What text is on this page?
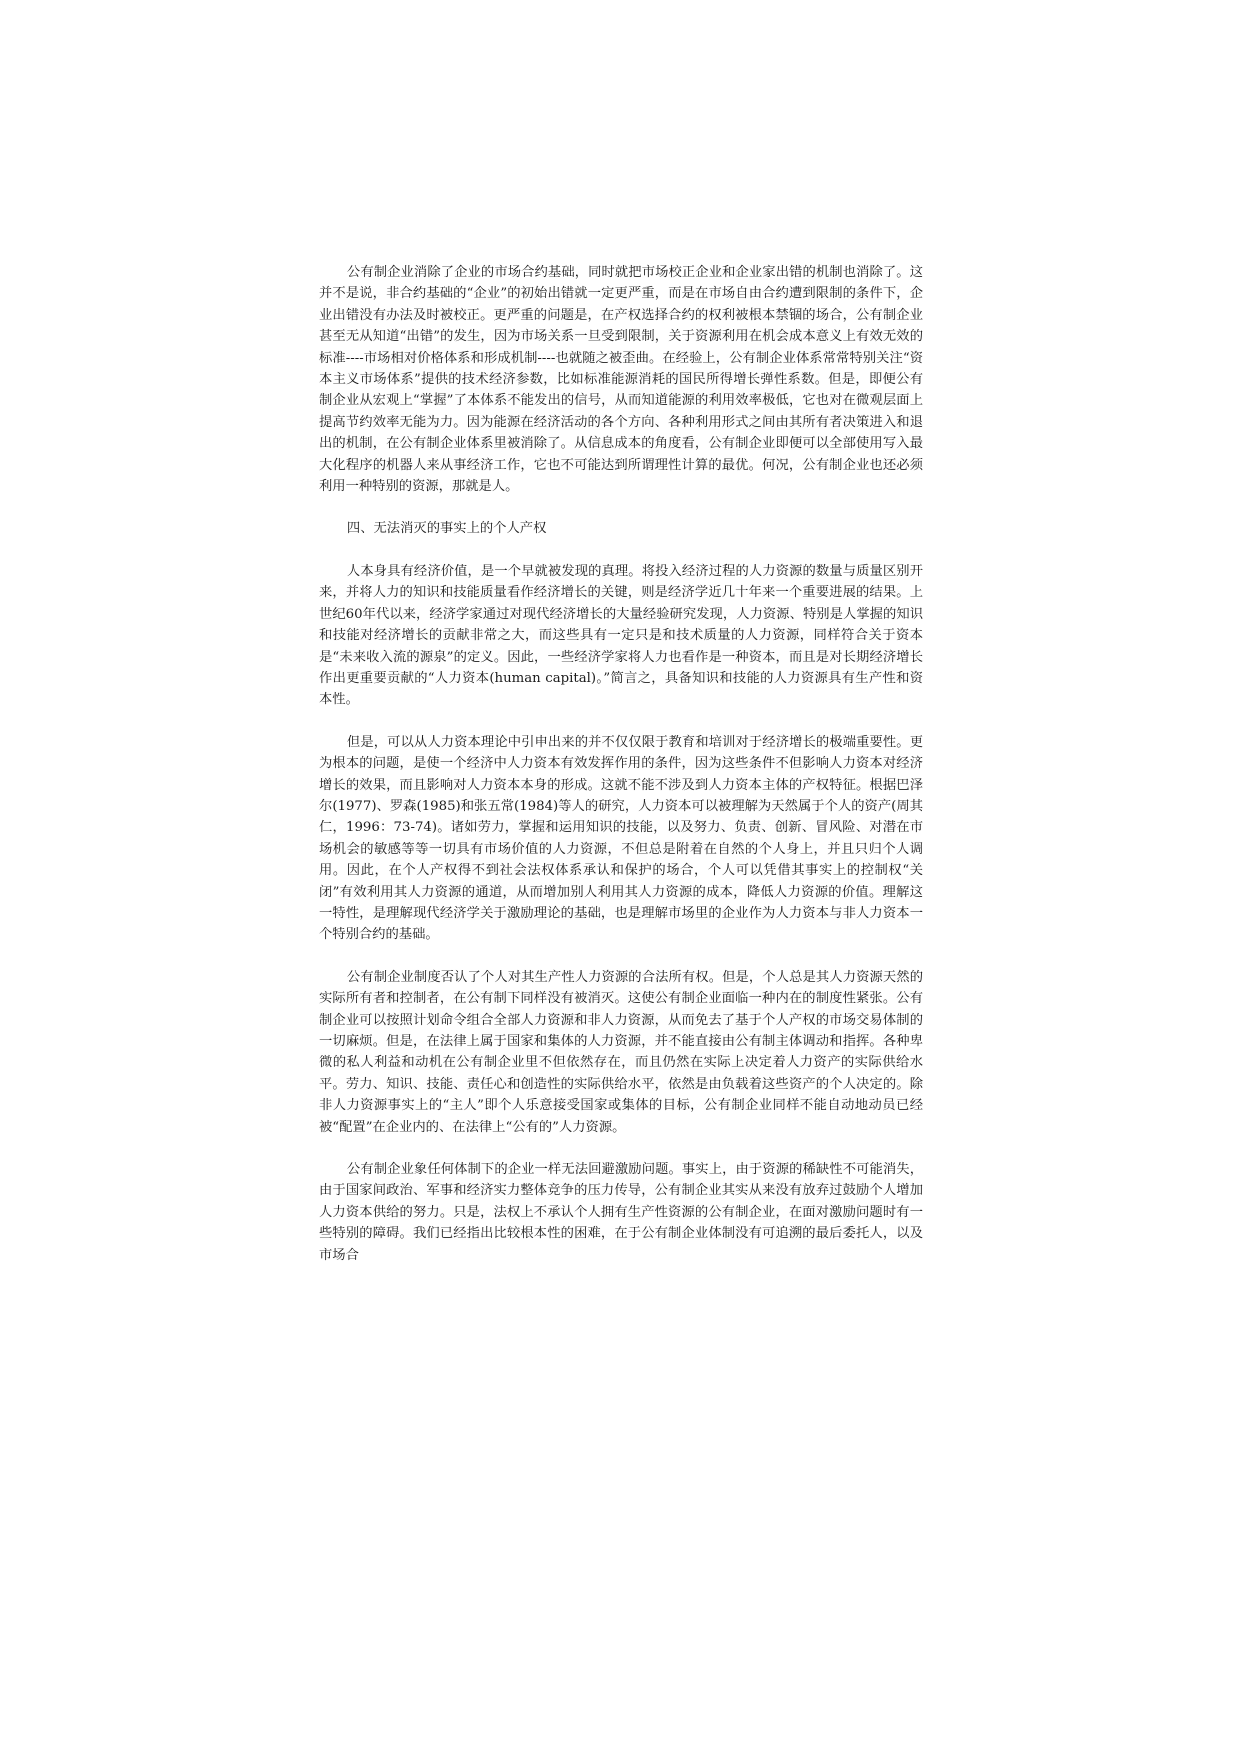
公有制企业消除了企业的市场合约基础，同时就把市场校正企业和企业家出错的机制也消除了。这并不是说，非合约基础的“企业”的初始出错就一定更严重，而是在市场自由合约遭到限制的条件下，企业出错没有办法及时被校正。更严重的问题是，在产权选择合约的权利被根本禁锢的场合，公有制企业甚至无从知道“出错”的发生，因为市场关系一旦受到限制，关于资源利用在机会成本意义上有效无效的标准----市场相对价格体系和形成机制----也就随之被歪曲。在经验上，公有制企业体系常常特别关注“资本主义市场体系”提供的技术经济参数，比如标准能源消耗的国民所得增长弹性系数。但是，即便公有制企业从宏观上“掌握”了本体系不能发出的信号，从而知道能源的利用效率极低，它也对在微观层面上提高节约效率无能为力。因为能源在经济活动的各个方向、各种利用形式之间由其所有者决策进入和退出的机制，在公有制企业体系里被消除了。从信息成本的角度看，公有制企业即便可以全部使用写入最大化程序的机器人来从事经济工作，它也不可能达到所谓理性计算的最优。何况，公有制企业也还必须利用一种特别的资源，那就是人。

四、无法消灭的事实上的个人产权

人本身具有经济价值，是一个早就被发现的真理。将投入经济过程的人力资源的数量与质量区别开来，并将人力的知识和技能质量看作经济增长的关键，则是经济学近几十年来一个重要进展的结果。上世纪60年代以来，经济学家通过对现代经济增长的大量经验研究发现，人力资源、特别是人掌握的知识和技能对经济增长的贡献非常之大，而这些具有一定只是和技术质量的人力资源，同样符合关于资本是“未来收入流的源泉”的定义。因此，一些经济学家将人力也看作是一种资本，而且是对长期经济增长作出更重要贡献的“人力资本(human capital)。”简言之，具备知识和技能的人力资源具有生产性和资本性。

但是，可以从人力资本理论中引申出来的并不仅仅限于教育和培训对于经济增长的极端重要性。更为根本的问题，是使一个经济中人力资本有效发挥作用的条件，因为这些条件不但影响人力资本对经济增长的效果，而且影响对人力资本本身的形成。这就不能不涉及到人力资本主体的产权特征。根据巴泽尔(1977)、罗森(1985)和张五常(1984)等人的研究，人力资本可以被理解为天然属于个人的资产(周其仁，1996：73-74)。诸如劳力，掌握和运用知识的技能，以及努力、负责、创新、冒风险、对潜在市场机会的敏感等等一切具有市场价值的人力资源，不但总是附着在自然的个人身上，并且只归个人调用。因此，在个人产权得不到社会法权体系承认和保护的场合，个人可以凭借其事实上的控制权“关闭”有效利用其人力资源的通道，从而增加别人利用其人力资源的成本，降低人力资源的价值。理解这一特性，是理解现代经济学关于激励理论的基础，也是理解市场里的企业作为人力资本与非人力资本一个特别合约的基础。

公有制企业制度否认了个人对其生产性人力资源的合法所有权。但是，个人总是其人力资源天然的实际所有者和控制者，在公有制下同样没有被消灭。这使公有制企业面临一种内在的制度性紧张。公有制企业可以按照计划命令组合全部人力资源和非人力资源，从而免去了基于个人产权的市场交易体制的一切麻烦。但是，在法律上属于国家和集体的人力资源，并不能直接由公有制主体调动和指挥。各种卑微的私人利益和动机在公有制企业里不但依然存在，而且仍然在实际上决定着人力资产的实际供给水平。劳力、知识、技能、责任心和创造性的实际供给水平，依然是由负载着这些资产的个人决定的。除非人力资源事实上的“主人”即个人乐意接受国家或集体的目标，公有制企业同样不能自动地动员已经被“配置”在企业内的、在法律上“公有的”人力资源。

公有制企业象任何体制下的企业一样无法回避激励问题。事实上，由于资源的稀缺性不可能消失，由于国家间政治、军事和经济实力整体竞争的压力传导，公有制企业其实从来没有放弃过鼓励个人增加人力资本供给的努力。只是，法权上不承认个人拥有生产性资源的公有制企业，在面对激励问题时有一些特别的障碍。我们已经指出比较根本性的困难，在于公有制企业体制没有可追溯的最后委托人，以及市场合
